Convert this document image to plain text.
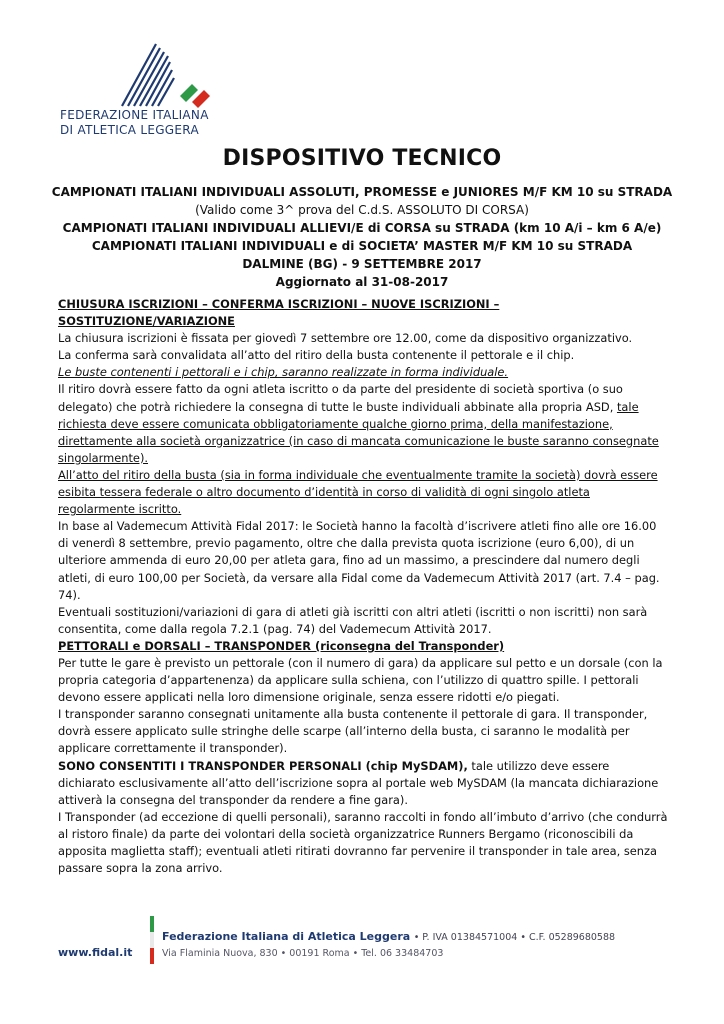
FEDERAZIONE ITALIANA
DI ATLETICA LEGGERA
DISPOSITIVO TECNICO
CAMPIONATI ITALIANI INDIVIDUALI ASSOLUTI, PROMESSE e JUNIORES M/F KM 10 su STRADA
(Valido come 3^ prova del C.d.S. ASSOLUTO DI CORSA)
CAMPIONATI ITALIANI INDIVIDUALI ALLIEVI/E di CORSA su STRADA (km 10 A/i – km 6 A/e)
CAMPIONATI ITALIANI INDIVIDUALI e di SOCIETA’ MASTER M/F KM 10 su STRADA
DALMINE (BG) - 9 SETTEMBRE 2017
Aggiornato al 31-08-2017

CHIUSURA ISCRIZIONI – CONFERMA ISCRIZIONI – NUOVE ISCRIZIONI – SOSTITUZIONE/VARIAZIONE

La chiusura iscrizioni è fissata per giovedì 7 settembre ore 12.00, come da dispositivo organizzativo.

La conferma sarà convalidata all’atto del ritiro della busta contenente il pettorale e il chip.

Le buste contenenti i pettorali e i chip, saranno realizzate in forma individuale.

Il ritiro dovrà essere fatto da ogni atleta iscritto o da parte del presidente di società sportiva (o suo delegato) che potrà richiedere la consegna di tutte le buste individuali abbinate alla propria ASD, tale richiesta deve essere comunicata obbligatoriamente qualche giorno prima, della manifestazione, direttamente alla società organizzatrice (in caso di mancata comunicazione le buste saranno consegnate singolarmente).

All’atto del ritiro della busta (sia in forma individuale che eventualmente tramite la società) dovrà essere esibita tessera federale o altro documento d’identità in corso di validità di ogni singolo atleta regolarmente iscritto.

In base al Vademecum Attività Fidal 2017: le Società hanno la facoltà d’iscrivere atleti fino alle ore 16.00 di venerdì 8 settembre, previo pagamento, oltre che dalla prevista quota iscrizione (euro 6,00), di un ulteriore ammenda di euro 20,00 per atleta gara, fino ad un massimo, a prescindere dal numero degli atleti, di euro 100,00 per Società, da versare alla Fidal come da Vademecum Attività 2017 (art. 7.4 – pag. 74).

Eventuali sostituzioni/variazioni di gara di atleti già iscritti con altri atleti (iscritti o non iscritti) non sarà consentita, come dalla regola 7.2.1 (pag. 74) del Vademecum Attività 2017.

PETTORALI e DORSALI – TRANSPONDER (riconsegna del Transponder)

Per tutte le gare è previsto un pettorale (con il numero di gara) da applicare sul petto e un dorsale (con la propria categoria d’appartenenza) da applicare sulla schiena, con l’utilizzo di quattro spille. I pettorali devono essere applicati nella loro dimensione originale, senza essere ridotti e/o piegati.

I transponder saranno consegnati unitamente alla busta contenente il pettorale di gara. Il transponder, dovrà essere applicato sulle stringhe delle scarpe (all’interno della busta, ci saranno le modalità per applicare correttamente il transponder).

SONO CONSENTITI I TRANSPONDER PERSONALI (chip MySDAM), tale utilizzo deve essere dichiarato esclusivamente all’atto dell’iscrizione sopra al portale web MySDAM (la mancata dichiarazione attiverà la consegna del transponder da rendere a fine gara).

I Transponder (ad eccezione di quelli personali), saranno raccolti in fondo all’imbuto d’arrivo (che condurrà al ristoro finale) da parte dei volontari della società organizzatrice Runners Bergamo (riconoscibili da apposita maglietta staff); eventuali atleti ritirati dovranno far pervenire il transponder in tale area, senza passare sopra la zona arrivo.

www.fidal.it
Federazione Italiana di Atletica Leggera • P. IVA 01384571004 • C.F. 05289680588
Via Flaminia Nuova, 830 • 00191 Roma • Tel. 06 33484703
